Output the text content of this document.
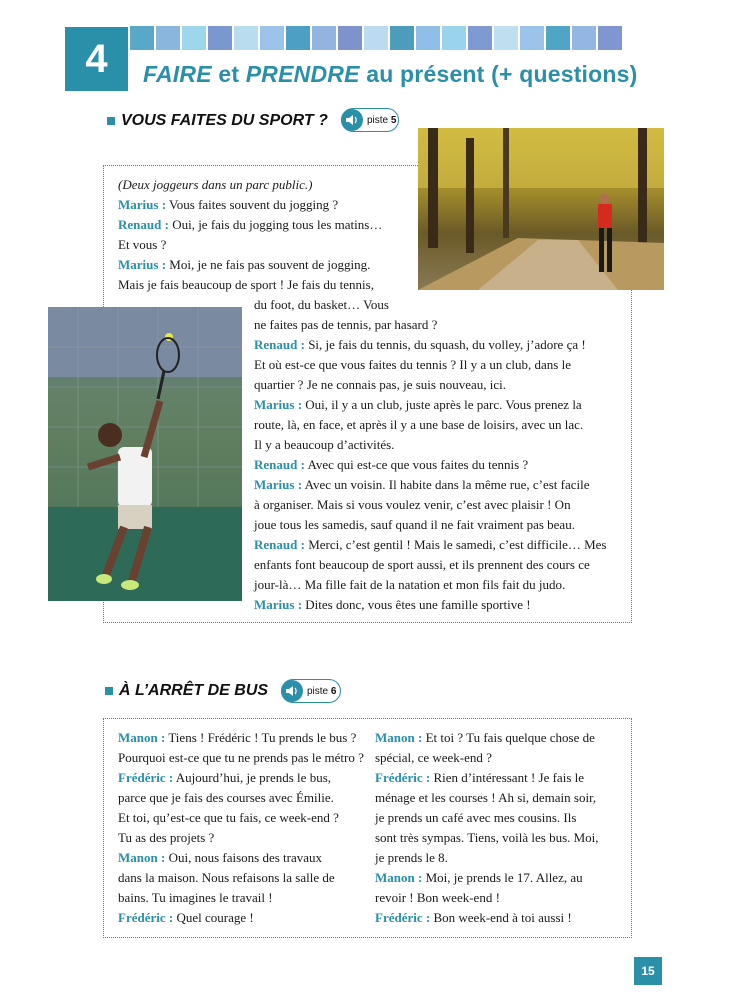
4	FAIRE et PRENDRE au présent (+ questions)
VOUS FAITES DU SPORT ?	piste 5
(Deux joggeurs dans un parc public.)
Marius : Vous faites souvent du jogging ?
Renaud : Oui, je fais du jogging tous les matins…
Et vous ?
Marius : Moi, je ne fais pas souvent de jogging.
Mais je fais beaucoup de sport ! Je fais du tennis,
du foot, du basket… Vous
ne faites pas de tennis, par hasard ?
Renaud : Si, je fais du tennis, du squash, du volley, j’adore ça !
Et où est-ce que vous faites du tennis ? Il y a un club, dans le
quartier ? Je ne connais pas, je suis nouveau, ici.
Marius : Oui, il y a un club, juste après le parc. Vous prenez la
route, là, en face, et après il y a une base de loisirs, avec un lac.
Il y a beaucoup d’activités.
Renaud : Avec qui est-ce que vous faites du tennis ?
Marius : Avec un voisin. Il habite dans la même rue, c’est facile
à organiser. Mais si vous voulez venir, c’est avec plaisir ! On
joue tous les samedis, sauf quand il ne fait vraiment pas beau.
Renaud : Merci, c’est gentil ! Mais le samedi, c’est difficile… Mes
enfants font beaucoup de sport aussi, et ils prennent des cours ce
jour-là… Ma fille fait de la natation et mon fils fait du judo.
Marius : Dites donc, vous êtes une famille sportive !
À L’ARRÊT DE BUS	piste 6
Manon : Tiens ! Frédéric ! Tu prends le bus ?
Pourquoi est-ce que tu ne prends pas le métro ?
Frédéric : Aujourd’hui, je prends le bus,
parce que je fais des courses avec Émilie.
Et toi, qu’est-ce que tu fais, ce week-end ?
Tu as des projets ?
Manon : Oui, nous faisons des travaux
dans la maison. Nous refaisons la salle de
bains. Tu imagines le travail !
Frédéric : Quel courage !
Manon : Et toi ? Tu fais quelque chose de
spécial, ce week-end ?
Frédéric : Rien d’intéressant ! Je fais le
ménage et les courses ! Ah si, demain soir,
je prends un café avec mes cousins. Ils
sont très sympas. Tiens, voilà les bus. Moi,
je prends le 8.
Manon : Moi, je prends le 17. Allez, au
revoir ! Bon week-end !
Frédéric : Bon week-end à toi aussi !
15
